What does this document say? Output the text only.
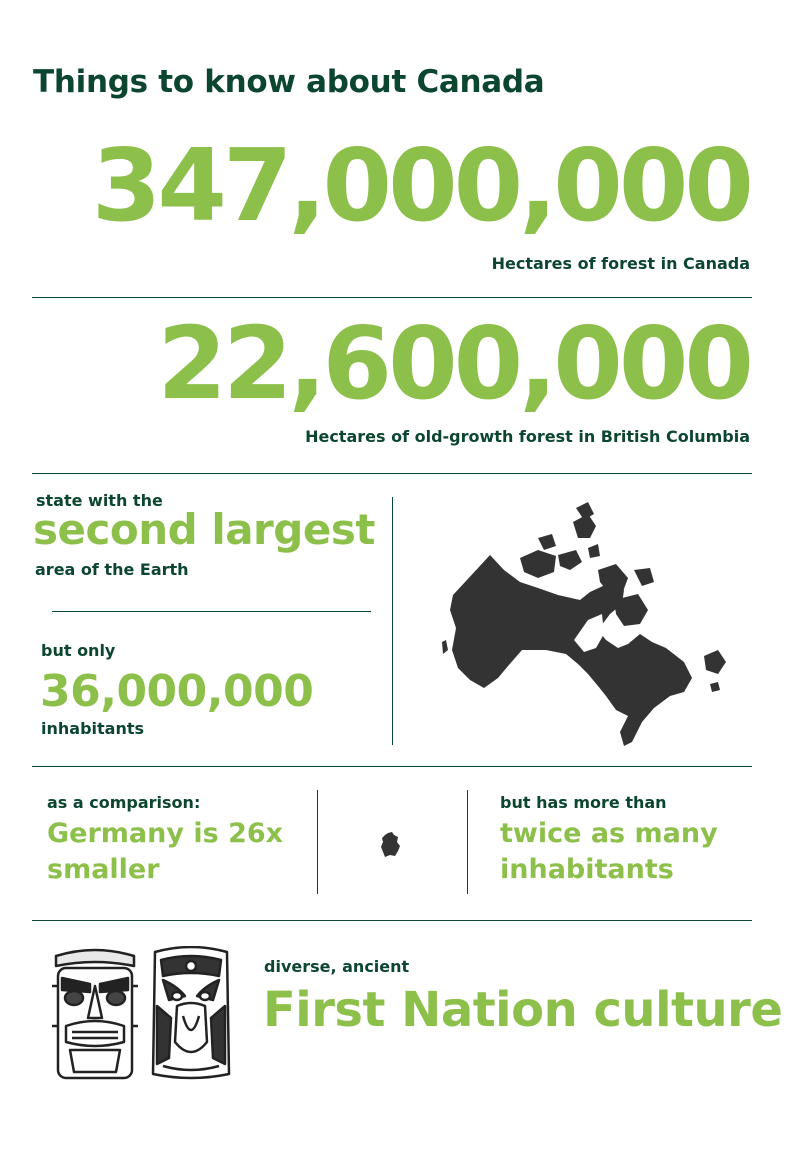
Things to know about Canada
347,000,000
Hectares of forest in Canada
22,600,000
Hectares of old-growth forest in British Columbia
state with the
second largest
area of the Earth
but only
36,000,000
inhabitants
as a comparison:
Germany is 26x
smaller
but has more than
twice as many
inhabitants
diverse, ancient
First Nation culture
